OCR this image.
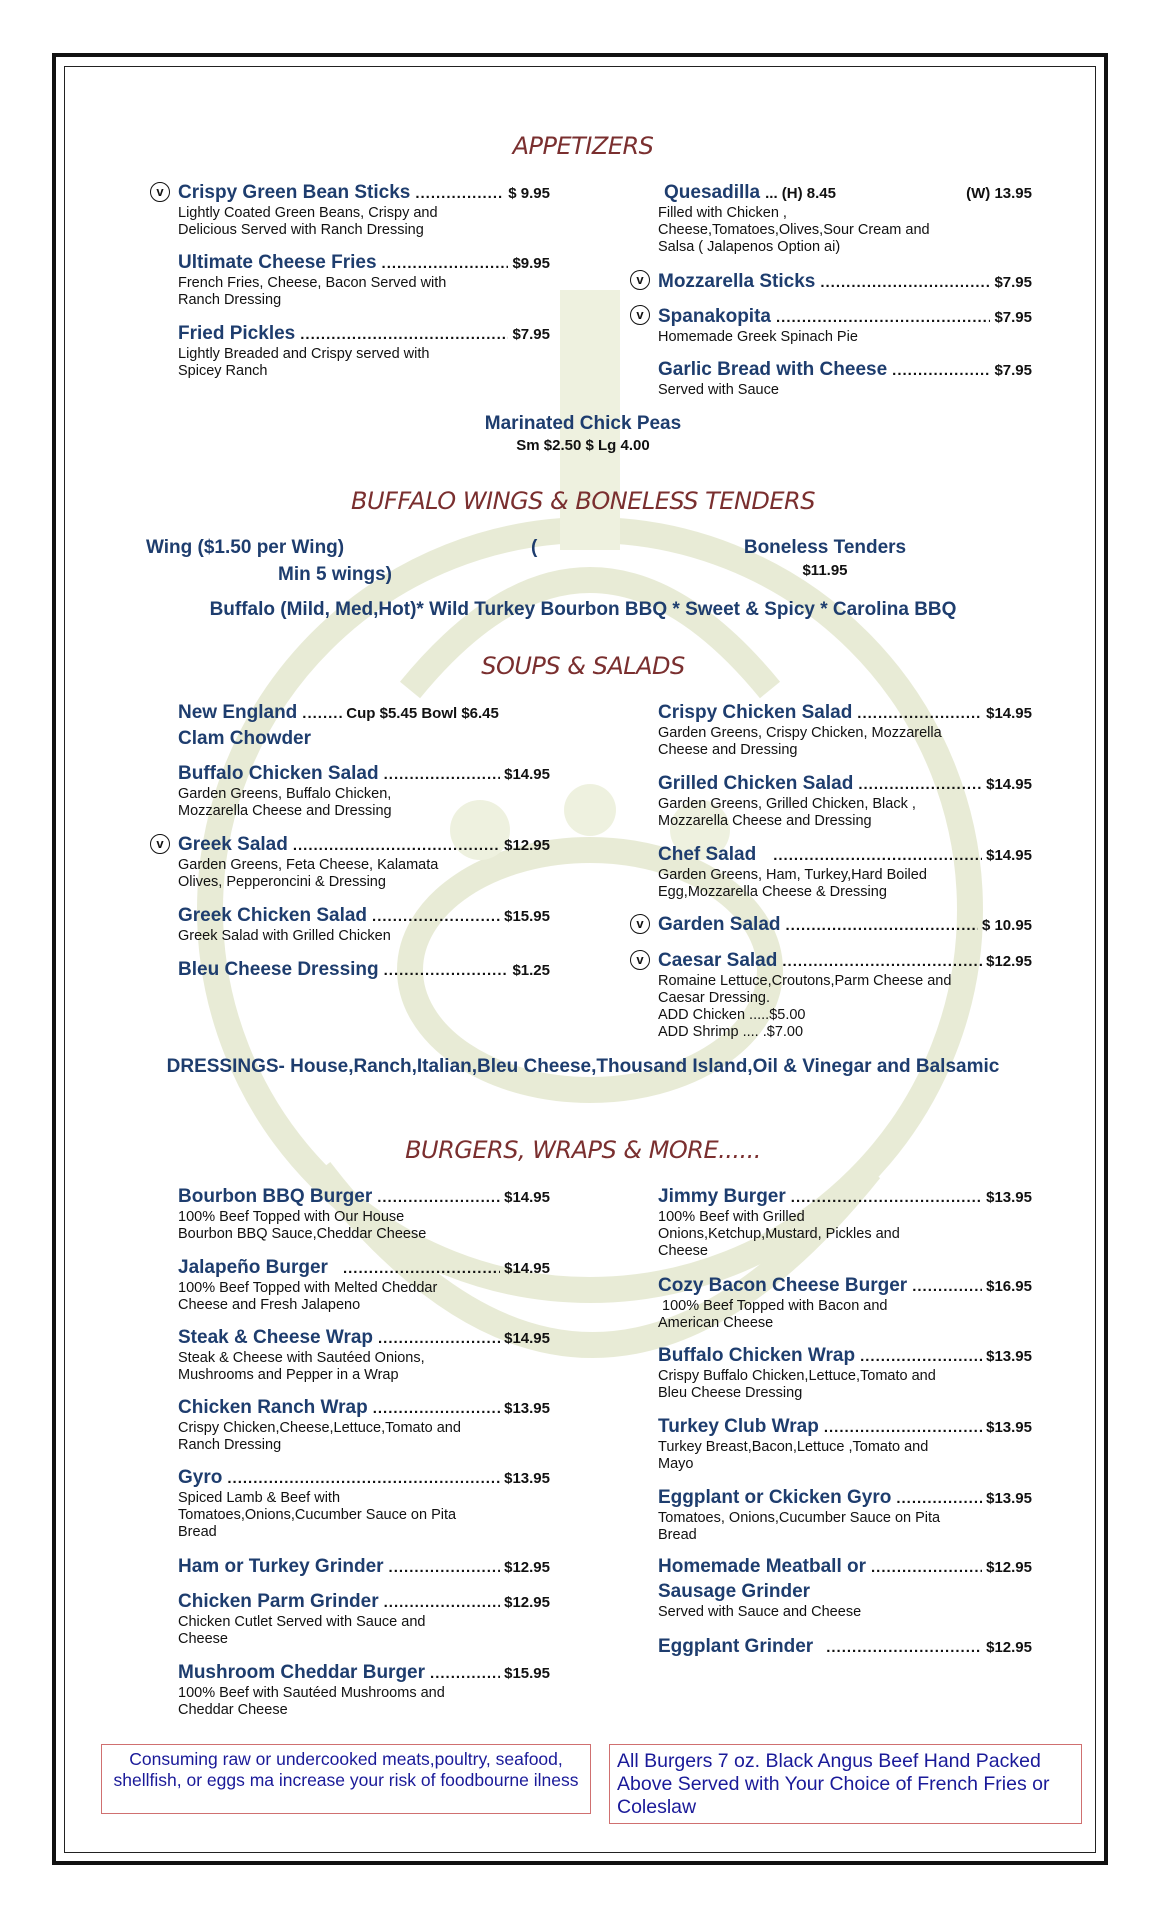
APPETIZERS
v Crispy Green Bean Sticks .....	$ 9.95
Lightly Coated Green Beans, Crispy and Delicious Served with Ranch Dressing
Ultimate Cheese Fries .....	$9.95
French Fries, Cheese, Bacon Served with Ranch Dressing
Fried Pickles .....	$7.95
Lightly Breaded and Crispy served with Spicey Ranch
Quesadilla ... (H) 8.45	(W) 13.95
Filled with Chicken ,
Cheese,Tomatoes,Olives,Sour Cream and Salsa ( Jalapenos Option ai)
v Mozzarella Sticks .....	$7.95
v Spanakopita .....	$7.95
Homemade Greek Spinach Pie
Garlic Bread with Cheese .....	$7.95
Served with Sauce
Marinated Chick Peas
Sm $2.50 $ Lg 4.00
BUFFALO WINGS & BONELESS TENDERS
Wing ($1.50 per Wing)
Min 5 wings)
(	Boneless Tenders
$11.95
Buffalo (Mild, Med,Hot)* Wild Turkey Bourbon BBQ * Sweet & Spicy * Carolina BBQ
SOUPS & SALADS
New England .....	Cup $5.45 Bowl $6.45
Clam Chowder
Buffalo Chicken Salad .....	$14.95
Garden Greens, Buffalo Chicken, Mozzarella Cheese and Dressing
v Greek Salad .....	$12.95
Garden Greens, Feta Cheese, Kalamata Olives, Pepperoncini & Dressing
Greek Chicken Salad .....	$15.95
Greek Salad with Grilled Chicken
Bleu Cheese Dressing .....	$1.25
Crispy Chicken Salad .....	$14.95
Garden Greens, Crispy Chicken, Mozzarella Cheese and Dressing
Grilled Chicken Salad .....	$14.95
Garden Greens, Grilled Chicken, Black , Mozzarella Cheese and Dressing
Chef Salad .....	$14.95
Garden Greens, Ham, Turkey,Hard Boiled Egg,Mozzarella Cheese & Dressing
v Garden Salad .....	$ 10.95
v Caesar Salad .....	$12.95
Romaine Lettuce,Croutons,Parm Cheese and Caesar Dressing.
ADD Chicken .....$5.00
ADD Shrimp .... .$7.00
DRESSINGS- House,Ranch,Italian,Bleu Cheese,Thousand Island,Oil & Vinegar and Balsamic
BURGERS, WRAPS & MORE......
Bourbon BBQ Burger .....	$14.95
100% Beef Topped with Our House Bourbon BBQ Sauce,Cheddar Cheese
Jalapeño Burger .....	$14.95
100% Beef Topped with Melted Cheddar Cheese and Fresh Jalapeno
Steak & Cheese Wrap .....	$14.95
Steak & Cheese with Sautéed Onions, Mushrooms and Pepper in a Wrap
Chicken Ranch Wrap .....	$13.95
Crispy Chicken,Cheese,Lettuce,Tomato and Ranch Dressing
Gyro .....	$13.95
Spiced Lamb & Beef with Tomatoes,Onions,Cucumber Sauce on Pita Bread
Ham or Turkey Grinder .....	$12.95
Chicken Parm Grinder .....	$12.95
Chicken Cutlet Served with Sauce and Cheese
Mushroom Cheddar Burger .....	$15.95
100% Beef with Sautéed Mushrooms and Cheddar Cheese
Jimmy Burger .....	$13.95
100% Beef with Grilled Onions,Ketchup,Mustard, Pickles and Cheese
Cozy Bacon Cheese Burger .....	$16.95
100% Beef Topped with Bacon and American Cheese
Buffalo Chicken Wrap .....	$13.95
Crispy Buffalo Chicken,Lettuce,Tomato and Bleu Cheese Dressing
Turkey Club Wrap .....	$13.95
Turkey Breast,Bacon,Lettuce ,Tomato and Mayo
Eggplant or Ckicken Gyro .....	$13.95
Tomatoes, Onions,Cucumber Sauce on Pita Bread
Homemade Meatball or .....	$12.95
Sausage Grinder
Served with Sauce and Cheese
Eggplant Grinder .....	$12.95
Consuming raw or undercooked meats,poultry, seafood, shellfish, or eggs ma increase your risk of foodbourne ilness
All Burgers 7 oz. Black Angus Beef Hand Packed Above Served with Your Choice of French Fries or Coleslaw
